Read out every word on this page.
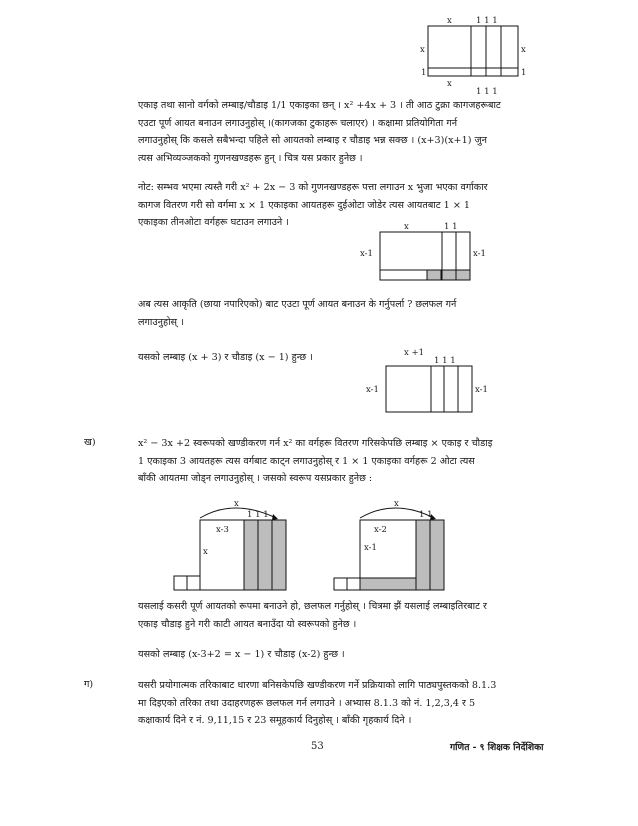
x	1 1 1
x	x
1	1
x
1 1 1
एकाइ तथा सानो वर्गको लम्बाइ/चौडाइ 1/1 एकाइका छन् । x² +4x + 3 । ती आठ टुक्रा कागजहरूबाट
एउटा पूर्ण आयत बनाउन लगाउनुहोस् ।(कागजका टुकाहरू चलाएर) । कक्षामा प्रतियोगिता गर्न
लगाउनुहोस् कि कसले सबैभन्दा पहिले सो आयतको लम्बाइ र चौडाइ भन्न सक्छ । (x+3)(x+1) जुन
त्यस अभिव्यञ्जकको गुणनखण्डहरू हुन् । चित्र यस प्रकार हुनेछ ।
नोट: सम्भव भएमा त्यस्तै गरी x² + 2x − 3 को गुणनखण्डहरू पत्ता लगाउन x भुजा भएका वर्गाकार
कागज वितरण गरी सो वर्गमा x × 1 एकाइका आयतहरू दुईओटा जोडेर त्यस आयतबाट 1 × 1
एकाइका तीनओटा वर्गहरू घटाउन लगाउने ।	x	1 1
x-1	x-1
अब त्यस आकृति (छाया नपारिएको) बाट एउटा पूर्ण आयत बनाउन के गर्नुपर्ला ? छलफल गर्न
लगाउनुहोस् ।
यसको लम्बाइ (x + 3) र चौडाइ (x − 1) हुन्छ ।	x +1
1 1 1
x-1	x-1
ख)	x² − 3x +2 स्वरूपको खण्डीकरण गर्न x² का वर्गहरू वितरण गरिसकेपछि लम्बाइ × एकाइ र चौडाइ
1 एकाइका 3 आयतहरू त्यस वर्गबाट काट्न लगाउनुहोस् र 1 × 1 एकाइका वर्गहरू 2 ओटा त्यस
बाँकी आयतमा जोड्न लगाउनुहोस् । जसको स्वरूप यसप्रकार हुनेछ :
x
x-3
1 1 1
x
x
x-2
1 1
x-1
यसलाई कसरी पूर्ण आयतको रूपमा बनाउने हो, छलफल गर्नुहोस् । चित्रमा झैं यसलाई लम्बाइतिरबाट र
एकाइ चौडाइ हुने गरी काटी आयत बनाउँदा यो स्वरूपको हुनेछ ।
यसको लम्बाइ (x-3+2 = x − 1) र चौडाइ (x-2) हुन्छ ।
ग)	यसरी प्रयोगात्मक तरिकाबाट धारणा बनिसकेपछि खण्डीकरण गर्ने प्रक्रियाको लागि पाठ्यपुस्तकको 8.1.3
मा दिइएको तरिका तथा उदाहरणहरू छलफल गर्न लगाउने । अभ्यास 8.1.3 को नं. 1,2,3,4 र 5
कक्षाकार्य दिने र नं. 9,11,15 र 23 समूहकार्य दिनुहोस् । बाँकी गृहकार्य दिने ।
53	गणित - ९ शिक्षक निर्देशिका
